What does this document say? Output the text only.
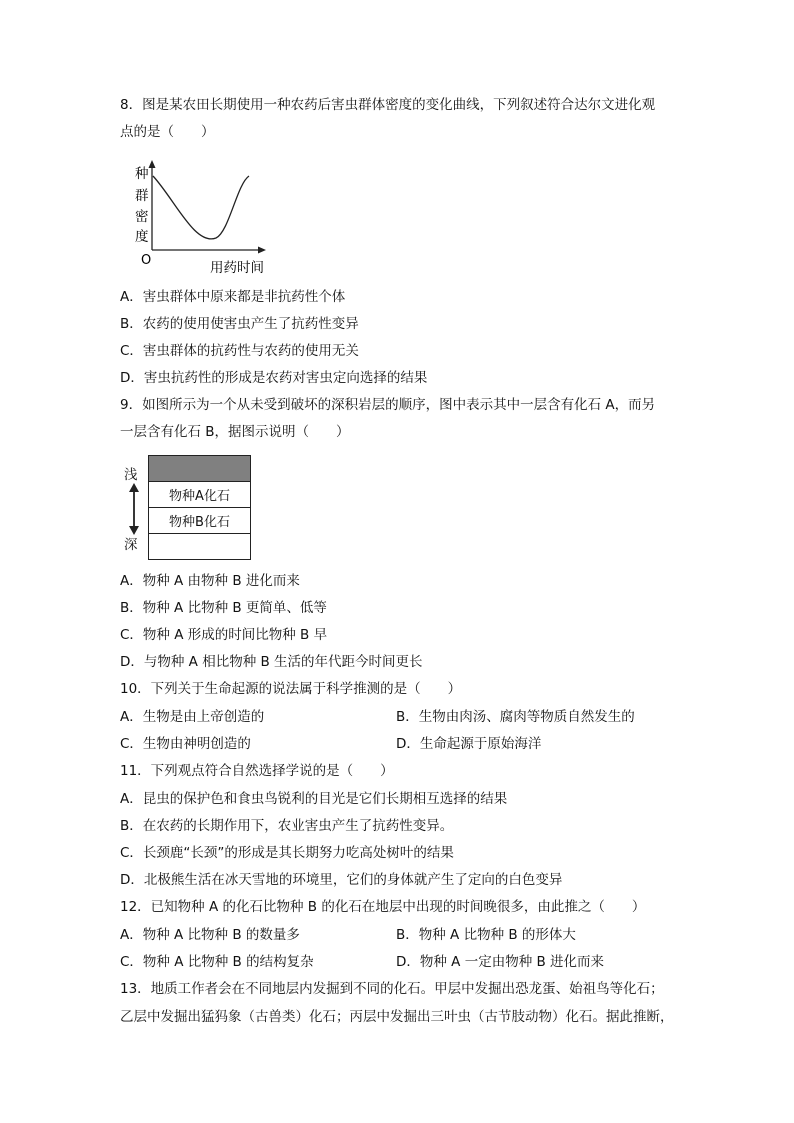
8．图是某农田长期使用一种农药后害虫群体密度的变化曲线，下列叙述符合达尔文进化观
点的是（　　）
种
群
密
度
O	用药时间
A．害虫群体中原来都是非抗药性个体
B．农药的使用使害虫产生了抗药性变异
C．害虫群体的抗药性与农药的使用无关
D．害虫抗药性的形成是农药对害虫定向选择的结果
9．如图所示为一个从未受到破坏的深积岩层的顺序，图中表示其中一层含有化石 A，而另
一层含有化石 B，据图示说明（　　）
浅
深

物种A化石
物种B化石

A．物种 A 由物种 B 进化而来
B．物种 A 比物种 B 更简单、低等
C．物种 A 形成的时间比物种 B 早
D．与物种 A 相比物种 B 生活的年代距今时间更长
10．下列关于生命起源的说法属于科学推测的是（　　）
A．生物是由上帝创造的	B．生物由肉汤、腐肉等物质自然发生的
C．生物由神明创造的	D．生命起源于原始海洋
11．下列观点符合自然选择学说的是（　　）
A．昆虫的保护色和食虫鸟锐利的目光是它们长期相互选择的结果
B．在农药的长期作用下，农业害虫产生了抗药性变异。
C．长颈鹿“长颈”的形成是其长期努力吃高处树叶的结果
D．北极熊生活在冰天雪地的环境里，它们的身体就产生了定向的白色变异
12．已知物种 A 的化石比物种 B 的化石在地层中出现的时间晚很多，由此推之（　　）
A．物种 A 比物种 B 的数量多	B．物种 A 比物种 B 的形体大
C．物种 A 比物种 B 的结构复杂	D．物种 A 一定由物种 B 进化而来
13．地质工作者会在不同地层内发掘到不同的化石。甲层中发掘出恐龙蛋、始祖鸟等化石；
乙层中发掘出猛犸象（古兽类）化石；丙层中发掘出三叶虫（古节肢动物）化石。据此推断，
